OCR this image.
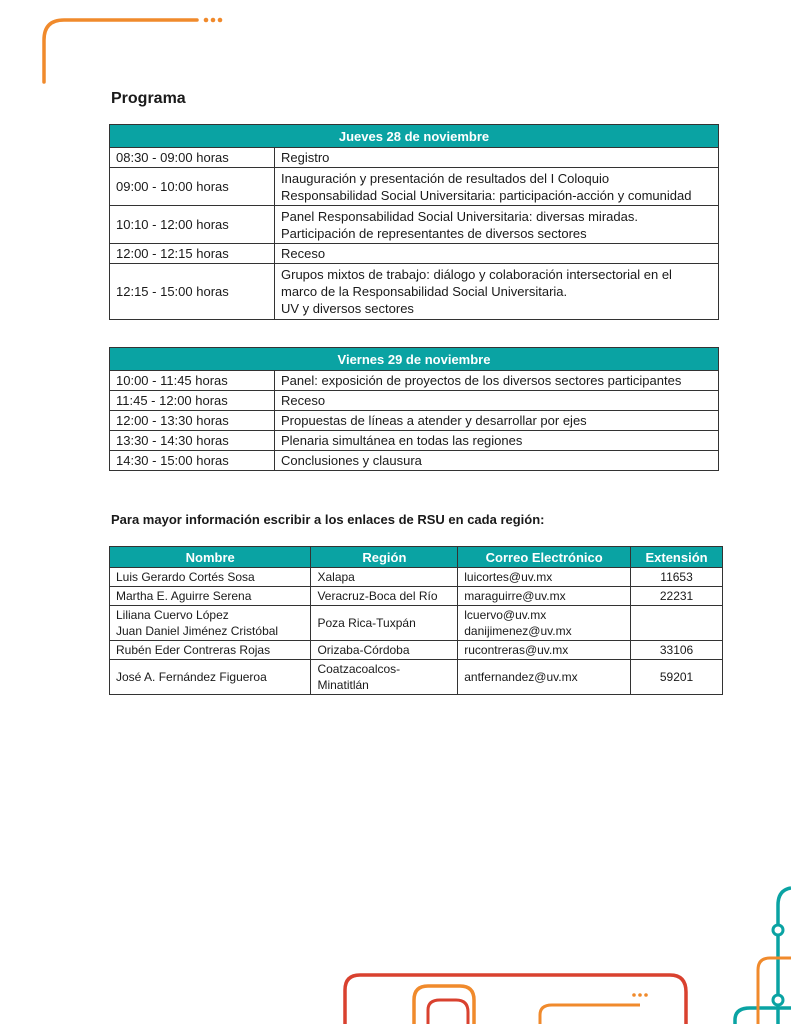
Programa
Jueves 28 de noviembre	
08:30 - 09:00 horas	Registro

09:00 - 10:00 horas	Inauguración y presentación de resultados del I Coloquio
Responsabilidad Social Universitaria: participación-acción y comunidad

10:10 - 12:00 horas	Panel Responsabilidad Social Universitaria: diversas miradas.
Participación de representantes de diversos sectores

12:00 - 12:15 horas	Receso

12:15 - 15:00 horas	Grupos mixtos de trabajo: diálogo y colaboración intersectorial en el
marco de la Responsabilidad Social Universitaria.
UV y diversos sectores
Viernes 29 de noviembre	
10:00 - 11:45 horas	Panel: exposición de proyectos de los diversos sectores participantes

11:45 - 12:00 horas	Receso

12:00 - 13:30 horas	Propuestas de líneas a atender y desarrollar por ejes

13:30 - 14:30 horas	Plenaria simultánea en todas las regiones

14:30 - 15:00 horas	Conclusiones y clausura

Para mayor información escribir a los enlaces de RSU en cada región:

Nombre	Región	Correo Electrónico	Extensión

Luis Gerardo Cortés Sosa	Xalapa	luicortes@uv.mx	11653

Martha E. Aguirre Serena	Veracruz-Boca del Río	maraguirre@uv.mx	22231

Liliana Cuervo López
Juan Daniel Jiménez Cristóbal	Poza Rica-Tuxpán	lcuervo@uv.mx
danijimenez@uv.mx	

Rubén Eder Contreras Rojas	Orizaba-Córdoba	rucontreras@uv.mx	33106

José A. Fernández Figueroa	Coatzacoalcos-
Minatitlán	antfernandez@uv.mx	59201
